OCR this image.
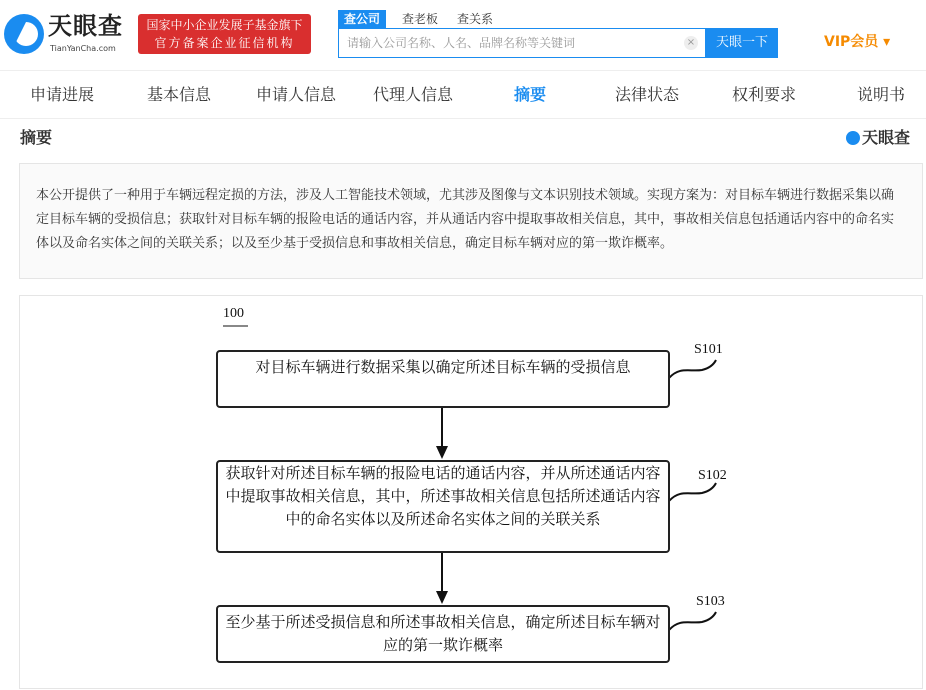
天眼查
TianYanCha.com
国家中小企业发展子基金旗下
官方备案企业征信机构
查公司	查老板	查关系
请输入公司名称、人名、品牌名称等关键词	×	天眼一下	VIP会员 ▾
申请进展	基本信息	申请人信息	代理人信息	摘要	法律状态	权利要求	说明书
摘要	天眼查
本公开提供了一种用于车辆远程定损的方法，涉及人工智能技术领域，尤其涉及图像与文本识别技术领域。实现方案为：对目标车辆进行数据采集以确定目标车辆的受损信息；获取针对目标车辆的报险电话的通话内容，并从通话内容中提取事故相关信息，其中，事故相关信息包括通话内容中的命名实体以及命名实体之间的关联关系；以及至少基于受损信息和事故相关信息，确定目标车辆对应的第一欺诈概率。
100
对目标车辆进行数据采集以确定所述目标车辆的受损信息
获取针对所述目标车辆的报险电话的通话内容，并从所述通话内容中提取事故相关信息，其中，所述事故相关信息包括所述通话内容中的命名实体以及所述命名实体之间的关联关系
至少基于所述受损信息和所述事故相关信息，确定所述目标车辆对应的第一欺诈概率
S101
S102
S103
